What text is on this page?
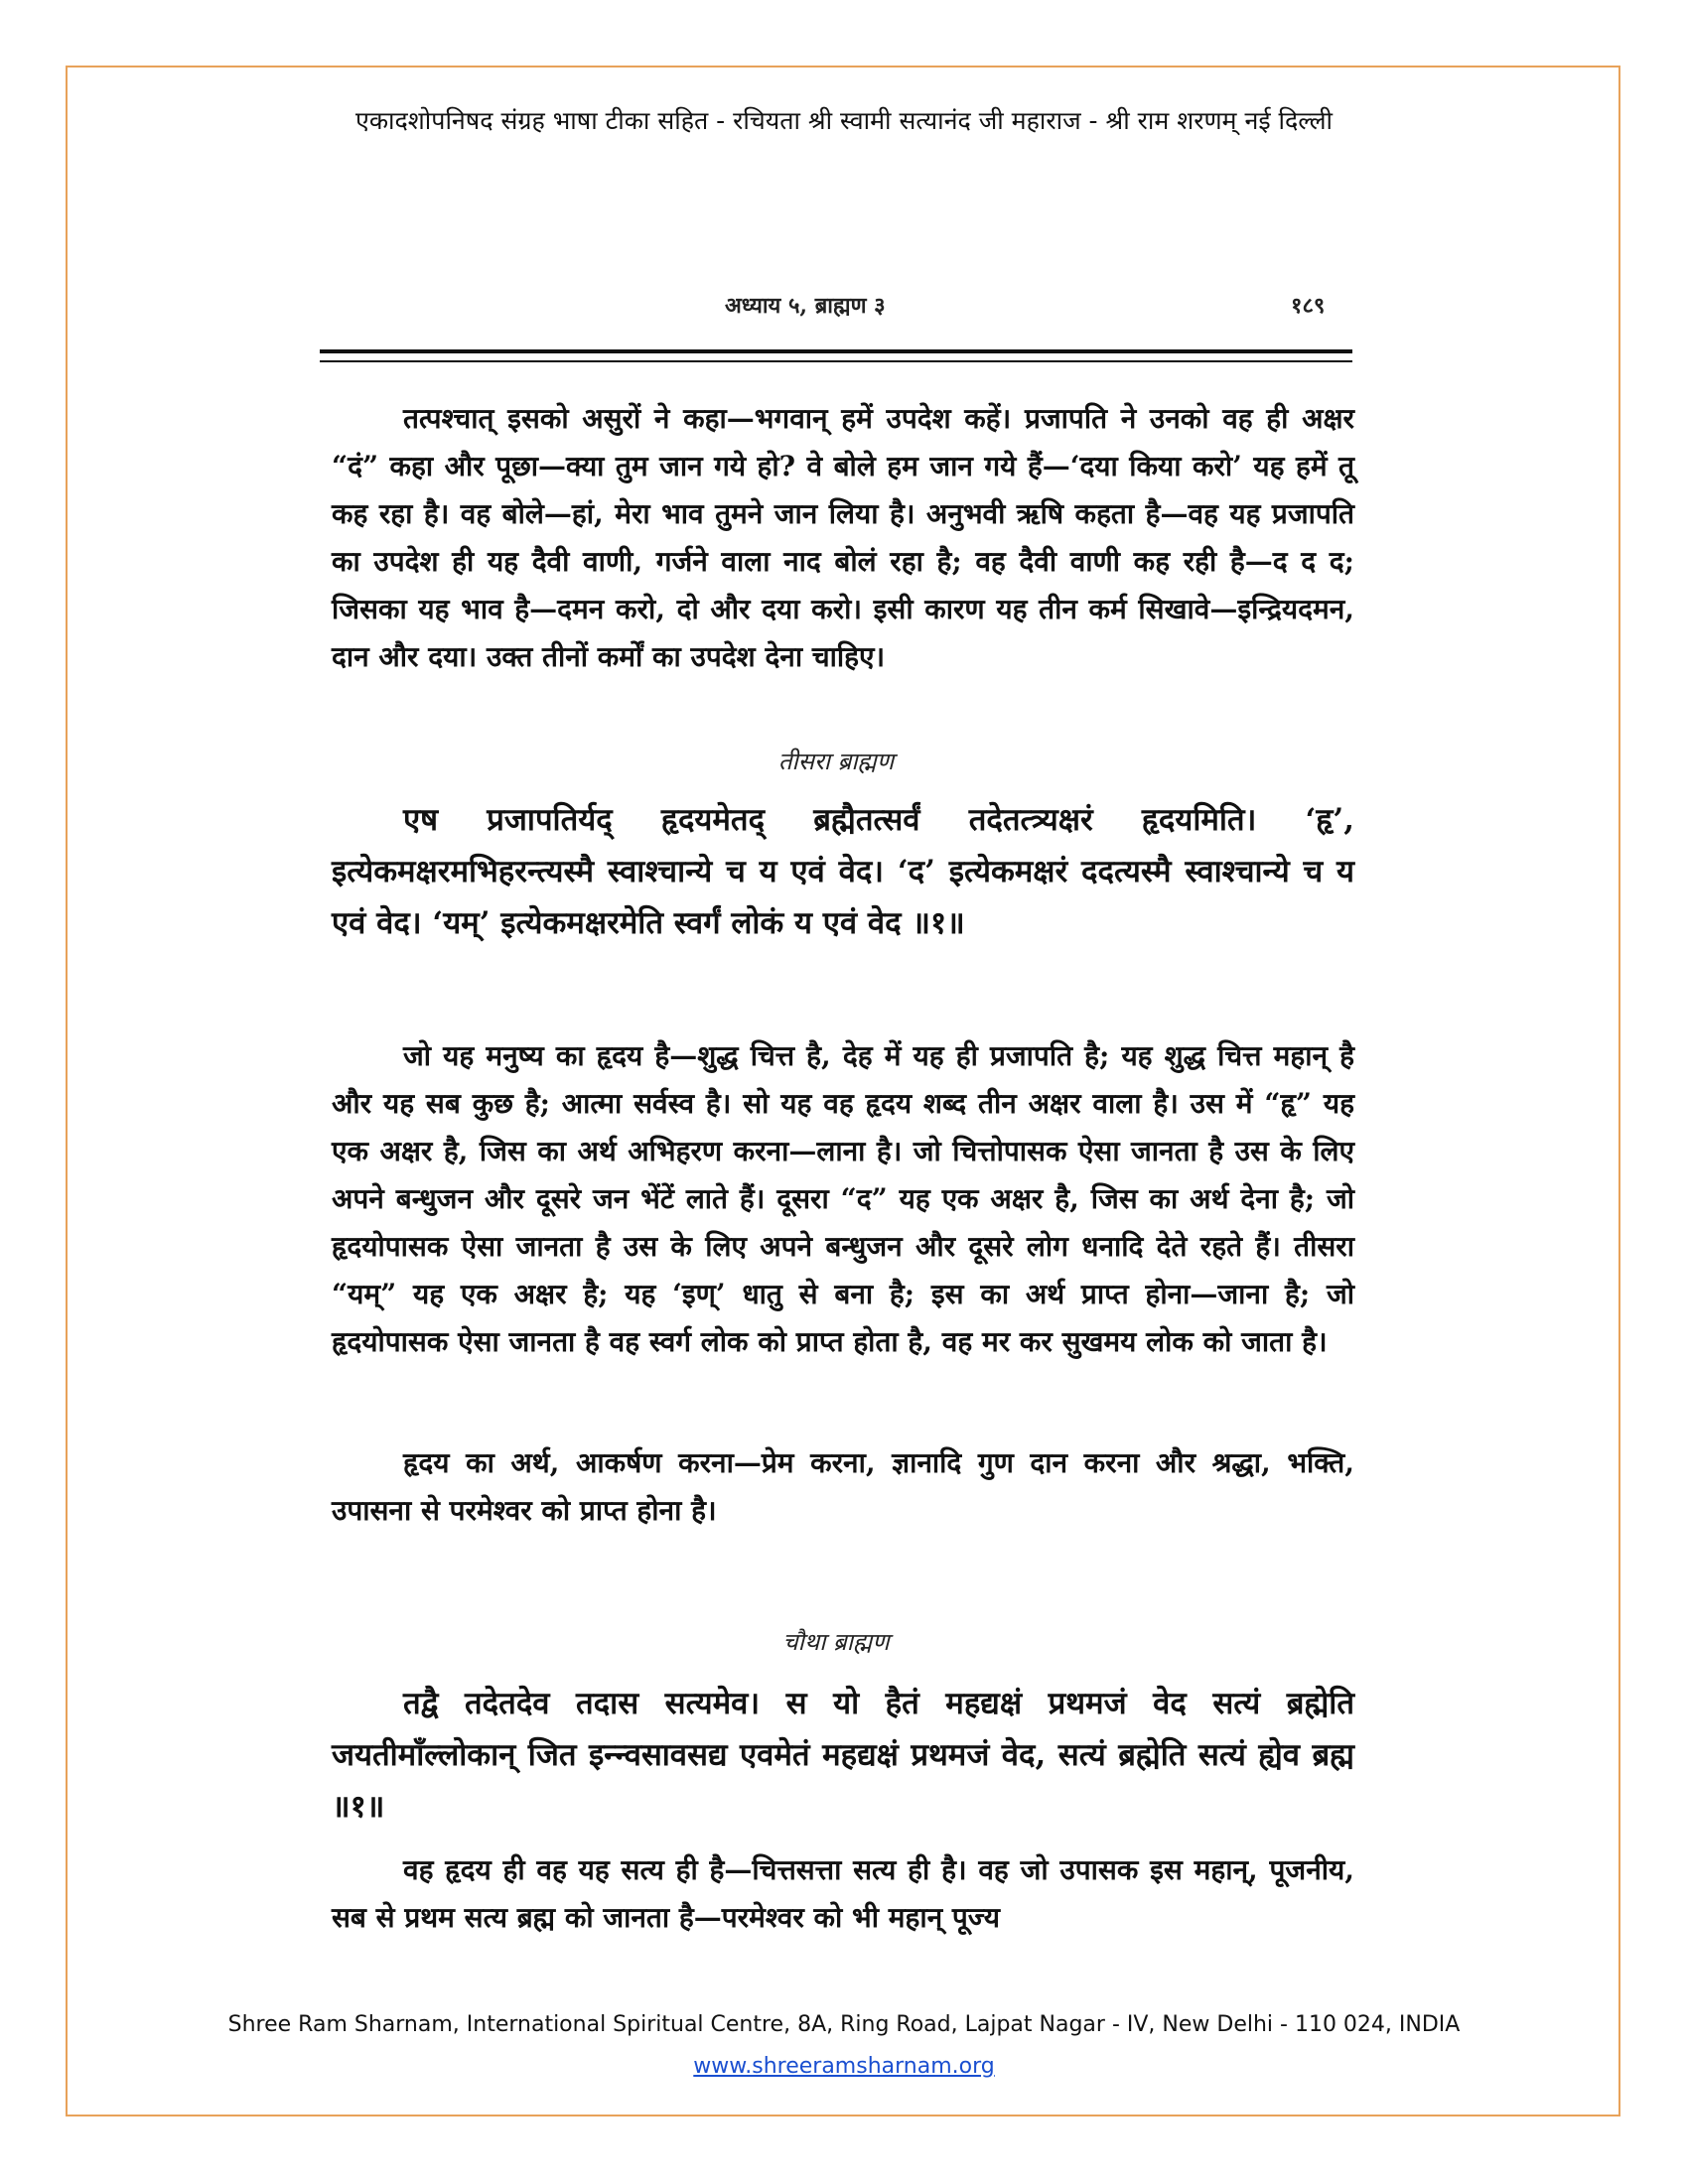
एकादशोपनिषद संग्रह भाषा टीका सहित - रचियता श्री स्वामी सत्यानंद जी महाराज - श्री राम शरणम् नई दिल्ली
अध्याय ५, ब्राह्मण ३	१८९
तत्पश्चात् इसको असुरों ने कहा—भगवान् हमें उपदेश कहें। प्रजापति ने उनको वह ही अक्षर “दं” कहा और पूछा—क्या तुम जान गये हो? वे बोले हम जान गये हैं—‘दया किया करो’ यह हमें तू कह रहा है। वह बोले—हां, मेरा भाव तुमने जान लिया है। अनुभवी ऋषि कहता है—वह यह प्रजापति का उपदेश ही यह दैवी वाणी, गर्जने वाला नाद बोलं रहा है; वह दैवी वाणी कह रही है—द द द; जिसका यह भाव है—दमन करो, दो और दया करो। इसी कारण यह तीन कर्म सिखावे—इन्द्रियदमन, दान और दया। उक्त तीनों कर्मों का उपदेश देना चाहिए।
तीसरा ब्राह्मण
एष प्रजापतिर्यद् हृदयमेतद् ब्रह्मैतत्सर्वं तदेतत्त्र्यक्षरं हृदयमिति। ‘हृ’, इत्येकमक्षरमभिहरन्त्यस्मै स्वाश्चान्ये च य एवं वेद। ‘द’ इत्येकमक्षरं ददत्यस्मै स्वाश्चान्ये च य एवं वेद। ‘यम्’ इत्येकमक्षरमेति स्वर्गं लोकं य एवं वेद ॥१॥
जो यह मनुष्य का हृदय है—शुद्ध चित्त है, देह में यह ही प्रजापति है; यह शुद्ध चित्त महान् है और यह सब कुछ है; आत्मा सर्वस्व है। सो यह वह हृदय शब्द तीन अक्षर वाला है। उस में “हृ” यह एक अक्षर है, जिस का अर्थ अभिहरण करना—लाना है। जो चित्तोपासक ऐसा जानता है उस के लिए अपने बन्धुजन और दूसरे जन भेंटें लाते हैं। दूसरा “द” यह एक अक्षर है, जिस का अर्थ देना है; जो हृदयोपासक ऐसा जानता है उस के लिए अपने बन्धुजन और दूसरे लोग धनादि देते रहते हैं। तीसरा “यम्” यह एक अक्षर है; यह ‘इण्’ धातु से बना है; इस का अर्थ प्राप्त होना—जाना है; जो हृदयोपासक ऐसा जानता है वह स्वर्ग लोक को प्राप्त होता है, वह मर कर सुखमय लोक को जाता है।
हृदय का अर्थ, आकर्षण करना—प्रेम करना, ज्ञानादि गुण दान करना और श्रद्धा, भक्ति, उपासना से परमेश्वर को प्राप्त होना है।
चौथा ब्राह्मण
तद्वै तदेतदेव तदास सत्यमेव। स यो हैतं महद्यक्षं प्रथमजं वेद सत्यं ब्रह्मेति जयतीमाँल्लोकान् जित इन्न्वसावसद्य एवमेतं महद्यक्षं प्रथमजं वेद, सत्यं ब्रह्मेति सत्यं ह्येव ब्रह्म ॥१॥
वह हृदय ही वह यह सत्य ही है—चित्तसत्ता सत्य ही है। वह जो उपासक इस महान्, पूजनीय, सब से प्रथम सत्य ब्रह्म को जानता है—परमेश्वर को भी महान् पूज्य
Shree Ram Sharnam, International Spiritual Centre, 8A, Ring Road, Lajpat Nagar - IV, New Delhi - 110 024, INDIA
www.shreeramsharnam.org
